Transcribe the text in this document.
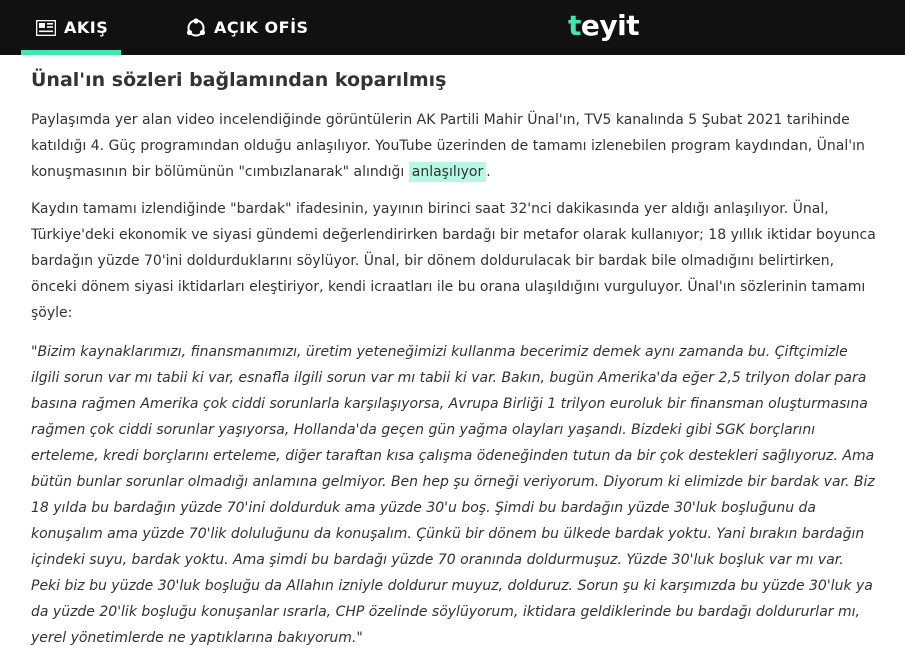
AKIŞ	AÇIK OFİS	teyit
Ünal'ın sözleri bağlamından koparılmış

Paylaşımda yer alan video incelendiğinde görüntülerin AK Partili Mahir Ünal'ın, TV5 kanalında 5 Şubat 2021 tarihinde katıldığı 4. Güç programından olduğu anlaşılıyor. YouTube üzerinden de tamamı izlenebilen program kaydından, Ünal'ın konuşmasının bir bölümünün "cımbızlanarak" alındığı anlaşılıyor .

Kaydın tamamı izlendiğinde "bardak" ifadesinin, yayının birinci saat 32'nci dakikasında yer aldığı anlaşılıyor. Ünal, Türkiye'deki ekonomik ve siyasi gündemi değerlendirirken bardağı bir metafor olarak kullanıyor; 18 yıllık iktidar boyunca bardağın yüzde 70'ini doldurduklarını söylüyor. Ünal, bir dönem doldurulacak bir bardak bile olmadığını belirtirken, önceki dönem siyasi iktidarları eleştiriyor, kendi icraatları ile bu orana ulaşıldığını vurguluyor. Ünal'ın sözlerinin tamamı şöyle:

"Bizim kaynaklarımızı, finansmanımızı, üretim yeteneğimizi kullanma becerimiz demek aynı zamanda bu. Çiftçimizle ilgili sorun var mı tabii ki var, esnafla ilgili sorun var mı tabii ki var. Bakın, bugün Amerika'da eğer 2,5 trilyon dolar para basına rağmen Amerika çok ciddi sorunlarla karşılaşıyorsa, Avrupa Birliği 1 trilyon euroluk bir finansman oluşturmasına rağmen çok ciddi sorunlar yaşıyorsa, Hollanda'da geçen gün yağma olayları yaşandı. Bizdeki gibi SGK borçlarını erteleme, kredi borçlarını erteleme, diğer taraftan kısa çalışma ödeneğinden tutun da bir çok destekleri sağlıyoruz. Ama bütün bunlar sorunlar olmadığı anlamına gelmiyor. Ben hep şu örneği veriyorum. Diyorum ki elimizde bir bardak var. Biz 18 yılda bu bardağın yüzde 70'ini doldurduk ama yüzde 30'u boş. Şimdi bu bardağın yüzde 30'luk boşluğunu da konuşalım ama yüzde 70'lik doluluğunu da konuşalım. Çünkü bir dönem bu ülkede bardak yoktu. Yani bırakın bardağın içindeki suyu, bardak yoktu. Ama şimdi bu bardağı yüzde 70 oranında doldurmuşuz. Yüzde 30'luk boşluk var mı var. Peki biz bu yüzde 30'luk boşluğu da Allahın izniyle doldurur muyuz, dolduruz. Sorun şu ki karşımızda bu yüzde 30'luk ya da yüzde 20'lik boşluğu konuşanlar ısrarla, CHP özelinde söylüyorum, iktidara geldiklerinde bu bardağı doldururlar mı, yerel yönetimlerde ne yaptıklarına bakıyorum."
